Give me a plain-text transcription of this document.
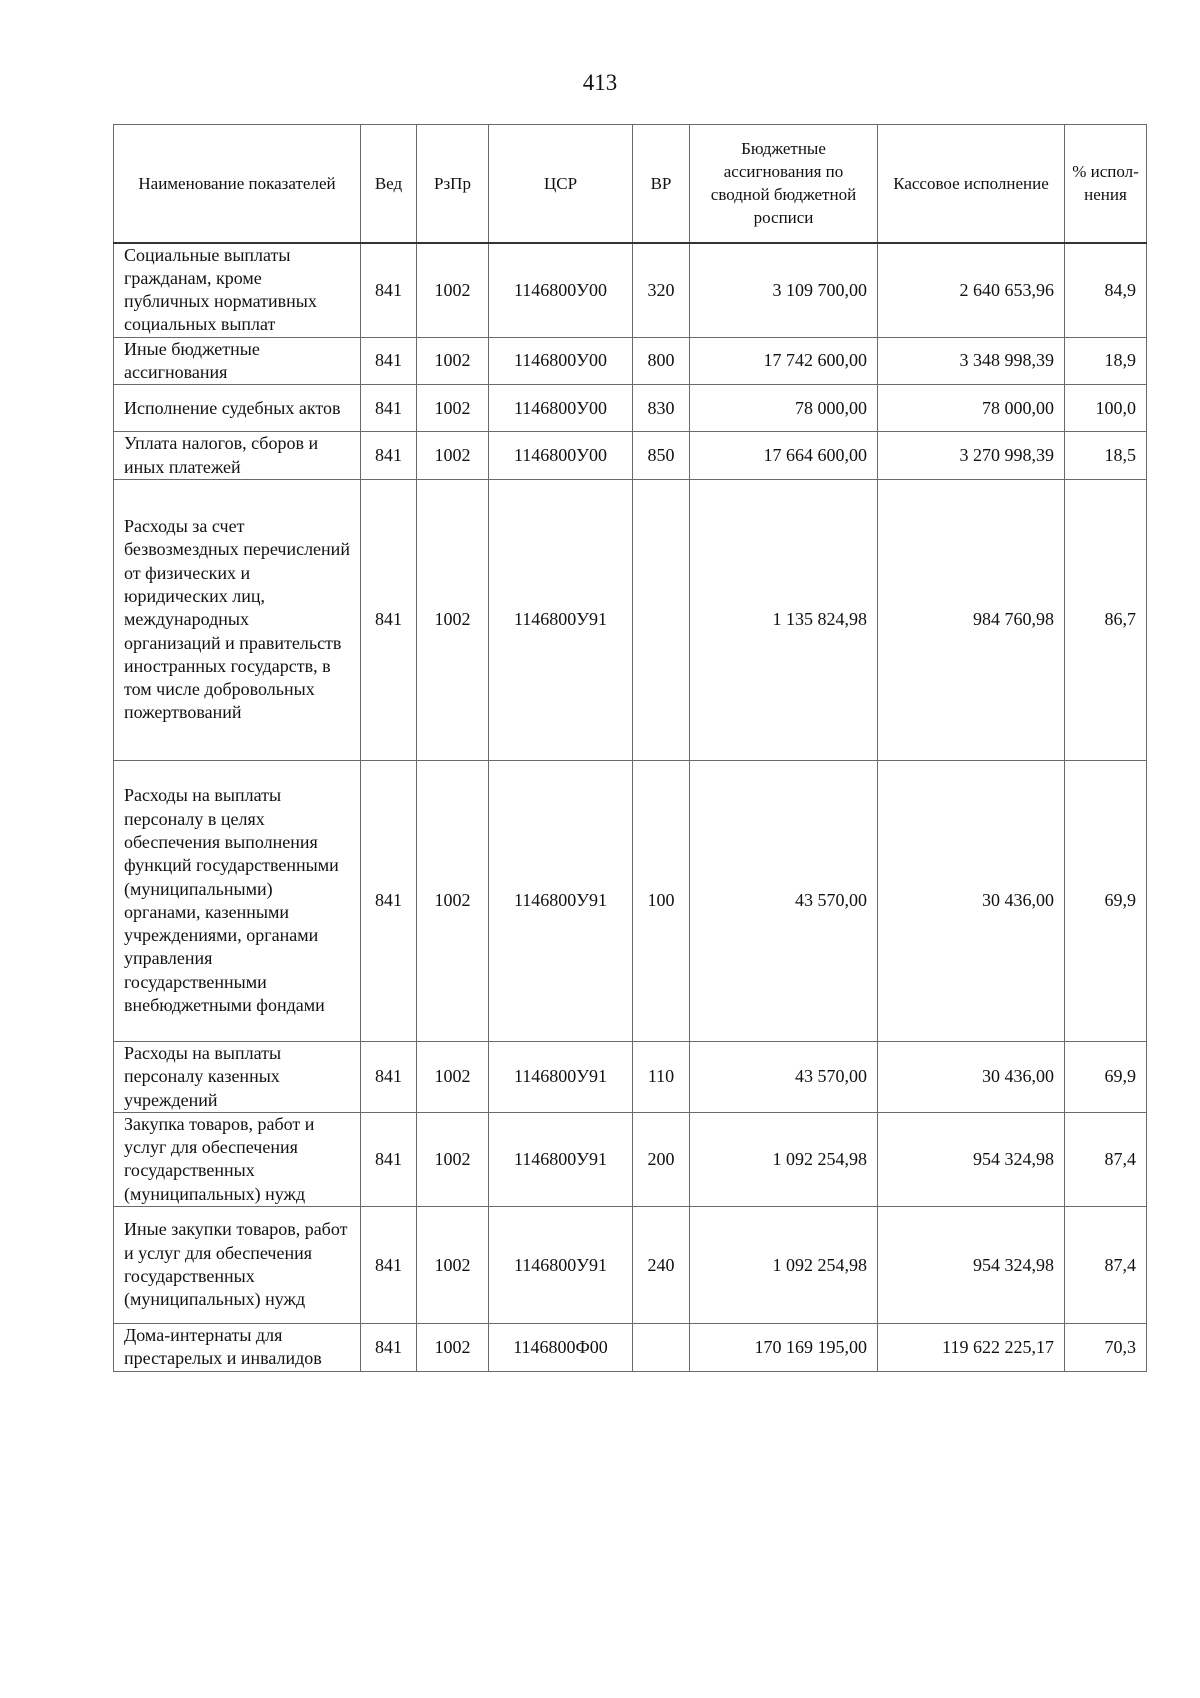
413
Наименование показателей	Вед	РзПр	ЦСР	ВР	Бюджетные ассигнования по сводной бюджетной росписи	Кассовое исполнение	% испол-нения
Социальные выплаты гражданам, кроме публичных нормативных социальных выплат	841	1002	1146800У00	320	3 109 700,00	2 640 653,96	84,9
Иные бюджетные ассигнования	841	1002	1146800У00	800	17 742 600,00	3 348 998,39	18,9
Исполнение судебных актов	841	1002	1146800У00	830	78 000,00	78 000,00	100,0
Уплата налогов, сборов и иных платежей	841	1002	1146800У00	850	17 664 600,00	3 270 998,39	18,5
Расходы за счет безвозмездных перечислений от физических и юридических лиц, международных организаций и правительств иностранных государств, в том числе добровольных пожертвований	841	1002	1146800У91		1 135 824,98	984 760,98	86,7
Расходы на выплаты персоналу в целях обеспечения выполнения функций государственными (муниципальными) органами, казенными учреждениями, органами управления государственными внебюджетными фондами	841	1002	1146800У91	100	43 570,00	30 436,00	69,9
Расходы на выплаты персоналу казенных учреждений	841	1002	1146800У91	110	43 570,00	30 436,00	69,9
Закупка товаров, работ и услуг для обеспечения государственных (муниципальных) нужд	841	1002	1146800У91	200	1 092 254,98	954 324,98	87,4
Иные закупки товаров, работ и услуг для обеспечения государственных (муниципальных) нужд	841	1002	1146800У91	240	1 092 254,98	954 324,98	87,4
Дома-интернаты для престарелых и инвалидов	841	1002	1146800Ф00		170 169 195,00	119 622 225,17	70,3
